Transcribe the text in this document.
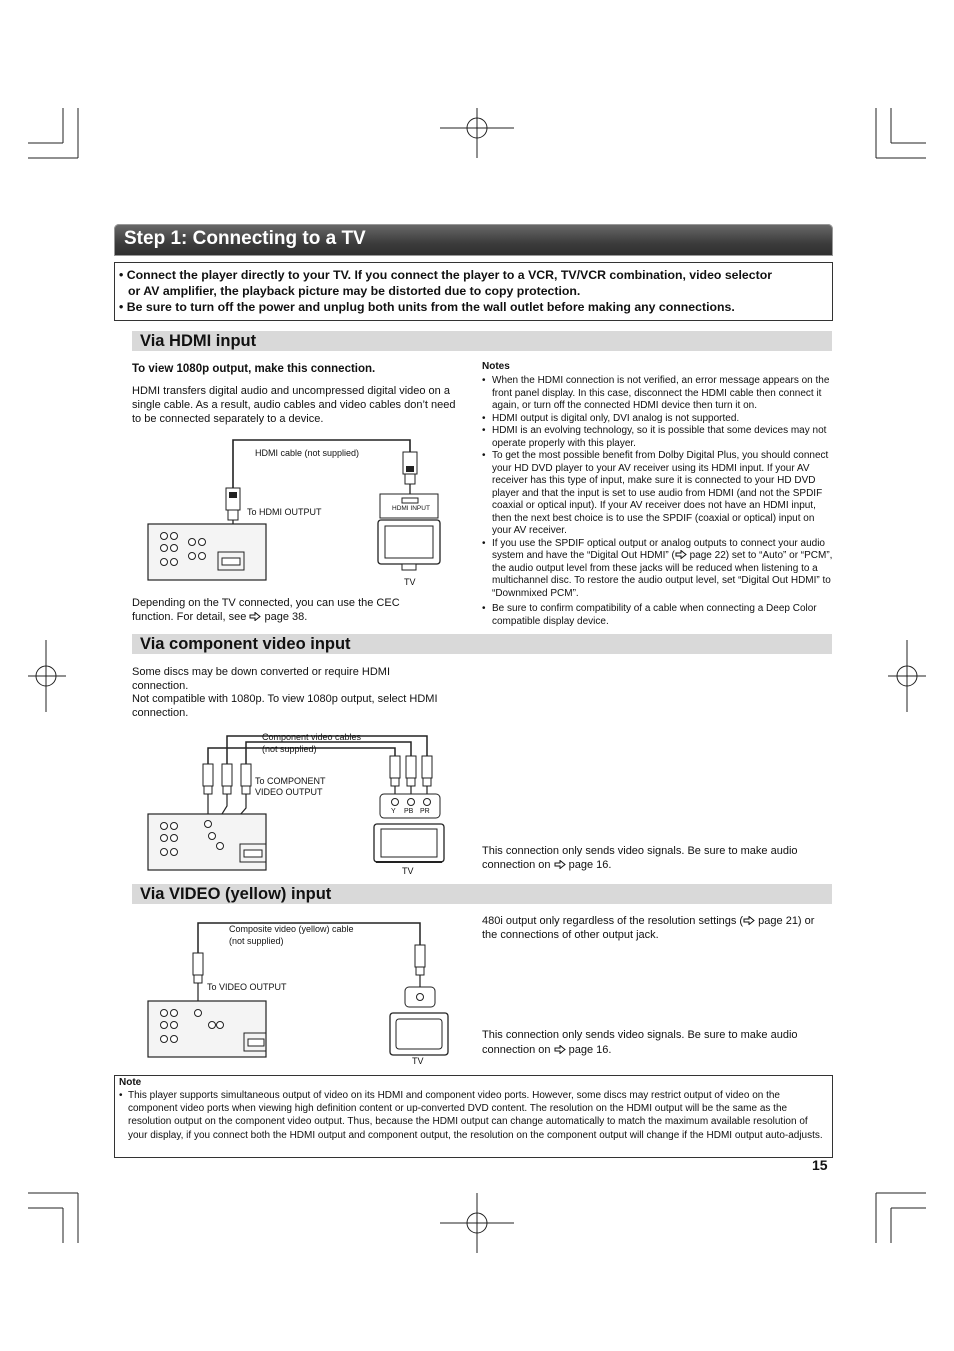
Step 1: Connecting to a TV

• Connect the player directly to your TV. If you connect the player to a VCR, TV/VCR combination, video selector

or AV amplifier, the playback picture may be distorted due to copy protection.

• Be sure to turn off the power and unplug both units from the wall outlet before making any connections.

Via HDMI input
To view 1080p output, make this connection.
HDMI transfers digital audio and uncompressed digital video on a single cable. As a result, audio cables and video cables don’t need to be connected separately to a device.
HDMI cable (not supplied)
To HDMI OUTPUT	HDMI INPUT
TV
Depending on the TV connected, you can use the CEC function. For detail, see page 38.
Notes
• When the HDMI connection is not verified, an error message appears on the front panel display. In this case, disconnect the HDMI cable then connect it again, or turn off the connected HDMI device then turn it on.
• HDMI output is digital only, DVI analog is not supported.
• HDMI is an evolving technology, so it is possible that some devices may not operate properly with this player.
• To get the most possible benefit from Dolby Digital Plus, you should connect your HD DVD player to your AV receiver using its HDMI input. If your AV receiver has this type of input, make sure it is connected to your HD DVD player and that the input is set to use audio from HDMI (and not the SPDIF coaxial or optical input). If your AV receiver does not have an HDMI input, then the next best choice is to use the SPDIF (coaxial or optical) input on your AV receiver.
• If you use the SPDIF optical output or analog outputs to connect your audio system and have the “Digital Out HDMI” ( page 22) set to “Auto” or “PCM”, the audio output level from these jacks will be reduced when listening to a multichannel disc. To restore the audio output level, set “Digital Out HDMI” to “Downmixed PCM”.
• Be sure to confirm compatibility of a cable when connecting a Deep Color compatible display device.
Via component video input
Some discs may be down converted or require HDMI connection.
Not compatible with 1080p. To view 1080p output, select HDMI connection.
Component video cables
(not supplied)
To COMPONENT
VIDEO OUTPUT
Y PB PR
TV
This connection only sends video signals. Be sure to make audio connection on page 16.
Via VIDEO (yellow) input
480i output only regardless of the resolution settings ( page 21) or the connections of other output jack.
Composite video (yellow) cable
(not supplied)
To VIDEO OUTPUT
TV
This connection only sends video signals. Be sure to make audio connection on page 16.
Note
• This player supports simultaneous output of video on its HDMI and component video ports. However, some discs may restrict output of video on the component video ports when viewing high definition content or up-converted DVD content. The resolution on the HDMI output will be the same as the resolution output on the component video output. Thus, because the HDMI output can change automatically to match the maximum available resolution of your display, if you connect both the HDMI output and component output, the resolution on the component output will change if the HDMI output auto-adjusts.
15
